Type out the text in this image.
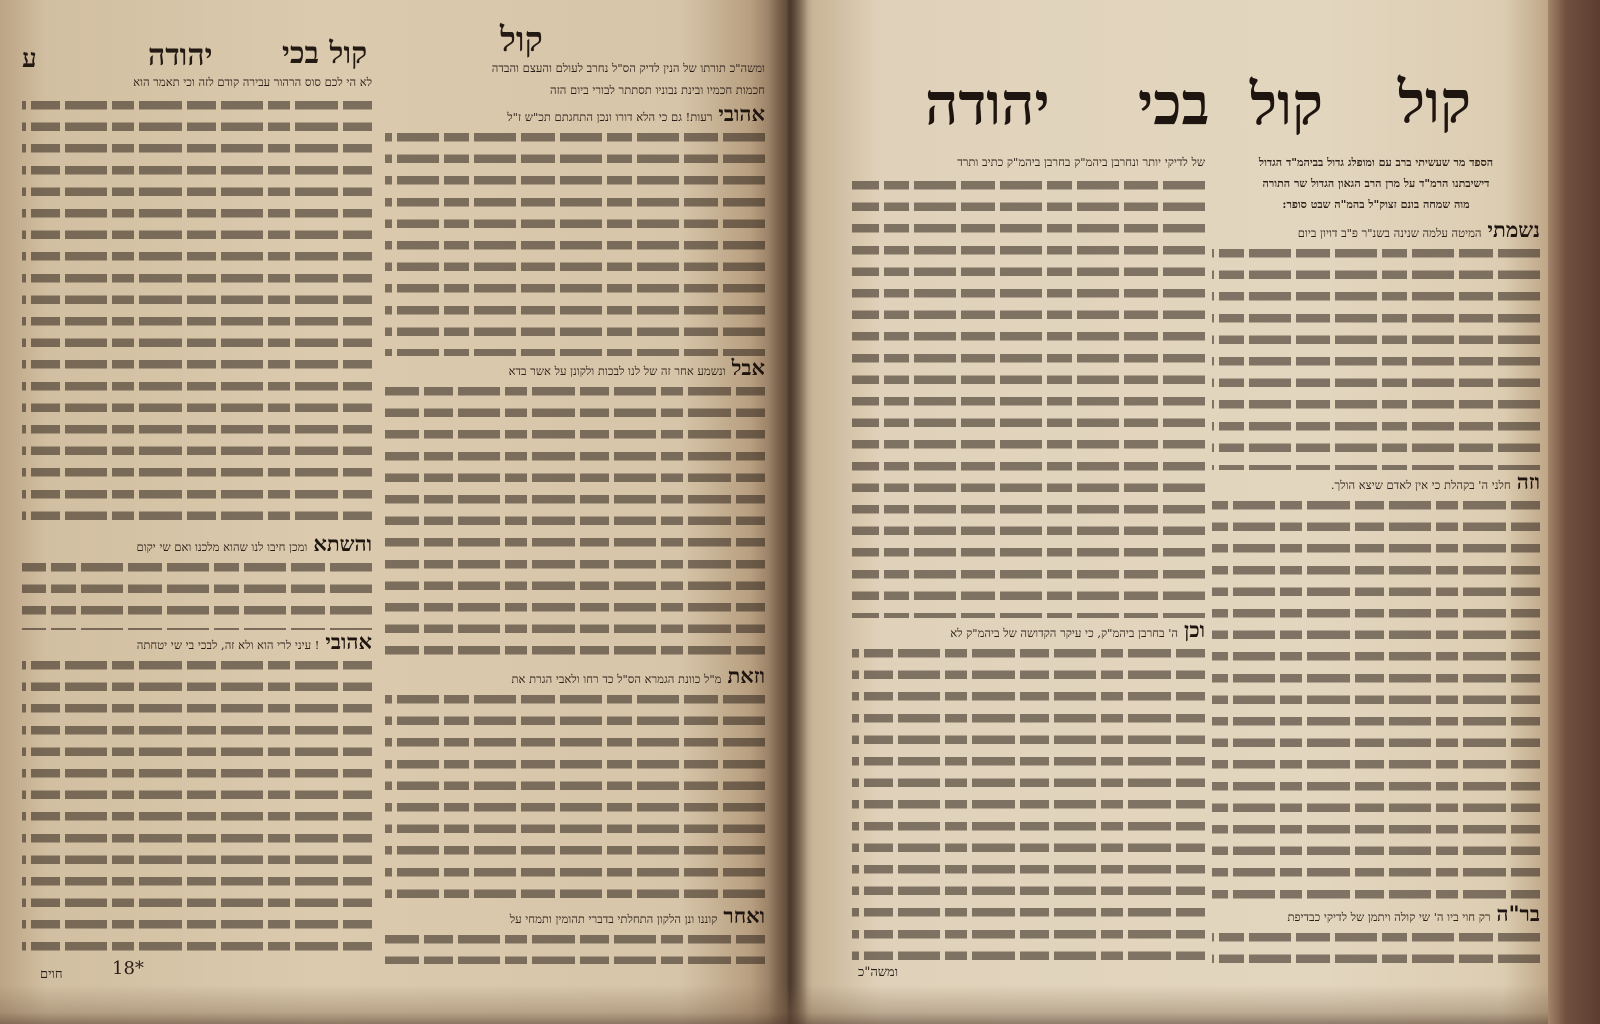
קול
קול בכי
יהודה
ע	ומשה"כ תורתו של הנין לדיק הס"ל נחרב לעולם והעצם והבדה
חכמות חכמיו ובינת נבוניו תסתתר לבורי ביום הזה
אהובי
רעות! גם כי הלא דורו ונכן התחגתם תכ"ש ז"ל
אבל
ונשמע אחר זה של לנו לבכות ולקונן על אשר בדא
וזאת
מ"ל כוונת הגמרא הס"ל כד רחו ולאבי הגרת את
ואחר
קוננו ונן הלקון התחלתי בדברי תהומין ותמחי על
לא הי לכם סוס הרהור עבירה קודם לזה וכי תאמר הוא
והשתא
ומכן חיבו לנו שהוא מלכנו ואם שי יקום
אהובי
! עיני לרי הוא ולא זה, לבכי בי שי יטחתה
18*
חוים
קול
קול
בכי
יהודה
הספד מר שעשיתי ברב עם ומופלג גדול בביהמ"ד הגדול
דישיבתנו הרמ"ד על מרן הרב הגאון הגדול שר התורה
מוה שמחה בונם זצוק"ל בהמ"ה שבט סופר:
נשמתי
המיטה עלמה שנינה בשנ"ר פ"ב דויון ביום
וזה
חלני ה' בקהלת כי אין לאדם שיצא הולך.
בר"ה
רק חוי ביו ה' שי קולה ויתמן של לדיקי כבדיפת
של לדיקי יותר ונחרבן ביהמ"ק בחרבן ביהמ"ק כתיב ותרד
וכן
ה' בחרבן ביהמ"ק, כי עיקר הקדושה של ביהמ"ק לא
ומשה"כ
